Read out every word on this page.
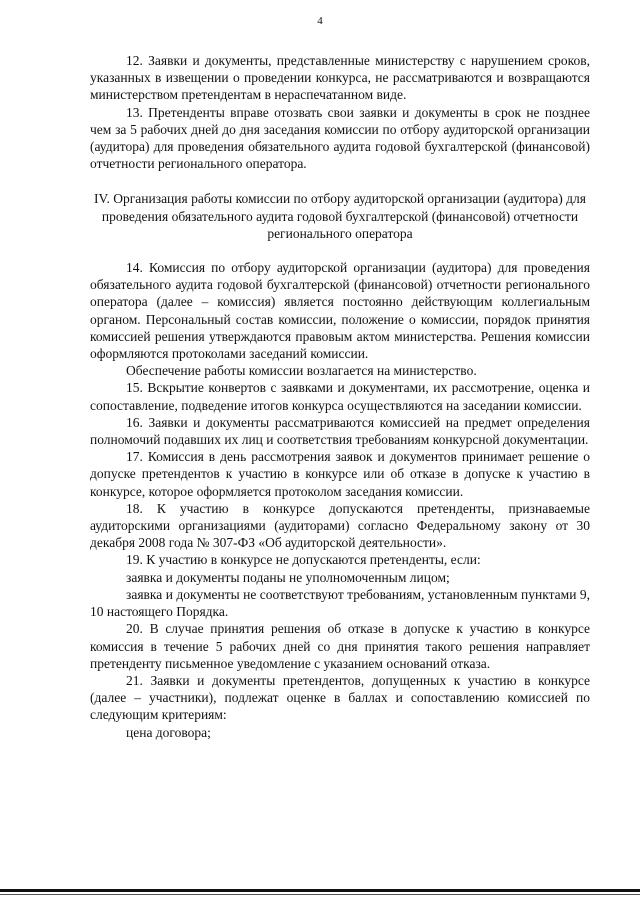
4

12. Заявки и документы, представленные министерству с нарушением сроков, указанных в извещении о проведении конкурса, не рассматриваются и возвращаются министерством претендентам в нераспечатанном виде.

13. Претенденты вправе отозвать свои заявки и документы в срок не позднее чем за 5 рабочих дней до дня заседания комиссии по отбору аудиторской организации (аудитора) для проведения обязательного аудита годовой бухгалтерской (финансовой) отчетности регионального оператора.

IV. Организация работы комиссии по отбору аудиторской организации (аудитора) для проведения обязательного аудита годовой бухгалтерской (финансовой) отчетности регионального оператора

14. Комиссия по отбору аудиторской организации (аудитора) для проведения обязательного аудита годовой бухгалтерской (финансовой) отчетности регионального оператора (далее – комиссия) является постоянно действующим коллегиальным органом. Персональный состав комиссии, положение о комиссии, порядок принятия комиссией решения утверждаются правовым актом министерства. Решения комиссии оформляются протоколами заседаний комиссии.

Обеспечение работы комиссии возлагается на министерство.

15. Вскрытие конвертов с заявками и документами, их рассмотрение, оценка и сопоставление, подведение итогов конкурса осуществляются на заседании комиссии.

16. Заявки и документы рассматриваются комиссией на предмет определения полномочий подавших их лиц и соответствия требованиям конкурсной документации.

17. Комиссия в день рассмотрения заявок и документов принимает решение о допуске претендентов к участию в конкурсе или об отказе в допуске к участию в конкурсе, которое оформляется протоколом заседания комиссии.

18. К участию в конкурсе допускаются претенденты, признаваемые аудиторскими организациями (аудиторами) согласно Федеральному закону от 30 декабря 2008 года № 307-ФЗ «Об аудиторской деятельности».

19. К участию в конкурсе не допускаются претенденты, если:

заявка и документы поданы не уполномоченным лицом;

заявка и документы не соответствуют требованиям, установленным пунктами 9, 10 настоящего Порядка.

20. В случае принятия решения об отказе в допуске к участию в конкурсе комиссия в течение 5 рабочих дней со дня принятия такого решения направляет претенденту письменное уведомление с указанием оснований отказа.

21. Заявки и документы претендентов, допущенных к участию в конкурсе (далее – участники), подлежат оценке в баллах и сопоставлению комиссией по следующим критериям:

цена договора;
